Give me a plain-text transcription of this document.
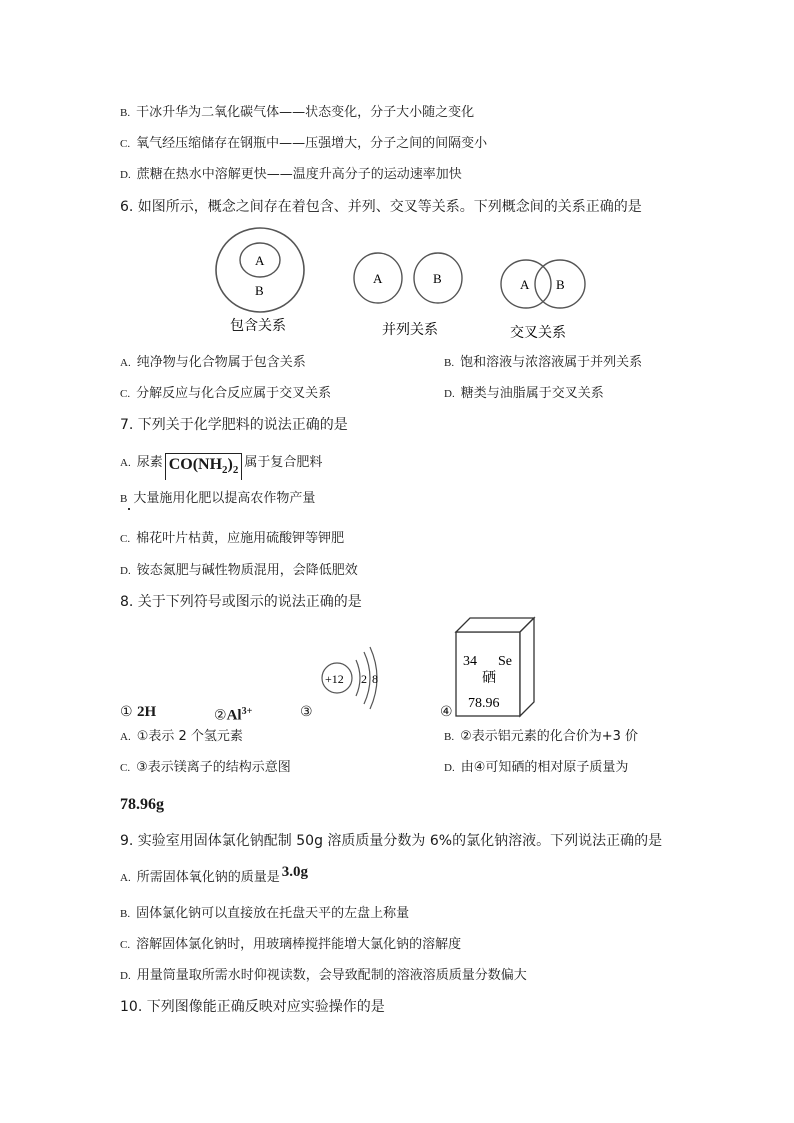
B. 干冰升华为二氧化碳气体——状态变化，分子大小随之变化
C. 氧气经压缩储存在钢瓶中——压强增大，分子之间的间隔变小
D. 蔗糖在热水中溶解更快——温度升高分子的运动速率加快
6. 如图所示，概念之间存在着包含、并列、交叉等关系。下列概念间的关系正确的是
A
B
包含关系
A	B
并列关系
A B
交叉关系
A. 纯净物与化合物属于包含关系	B. 饱和溶液与浓溶液属于并列关系
C. 分解反应与化合反应属于交叉关系	D. 糖类与油脂属于交叉关系
7. 下列关于化学肥料的说法正确的是
A. 尿素 $CO(NH_2)_2$属于复合肥料
B 大量施用化肥以提高农作物产量
C. 棉花叶片枯黄，应施用硫酸钾等钾肥
D. 铵态氮肥与碱性物质混用，会降低肥效
8. 关于下列符号或图示的说法正确的是
+12 2 8
34 Se
硒
78.96
① 2H	$②Al^{3+}$	③	④
A. ①表示 2 个氢元素	B. ②表示铝元素的化合价为+3 价
C. ③表示镁离子的结构示意图	D. 由④可知硒的相对原子质量为
78.96g
9. 实验室用固体氯化钠配制 50g 溶质质量分数为 6%的氯化钠溶液。下列说法正确的是
A. 所需固体氧化钠的质量是 3.0g
B. 固体氯化钠可以直接放在托盘天平的左盘上称量
C. 溶解固体氯化钠时，用玻璃棒搅拌能增大氯化钠的溶解度
D. 用量筒量取所需水时仰视读数，会导致配制的溶液溶质质量分数偏大
10. 下列图像能正确反映对应实验操作的是
